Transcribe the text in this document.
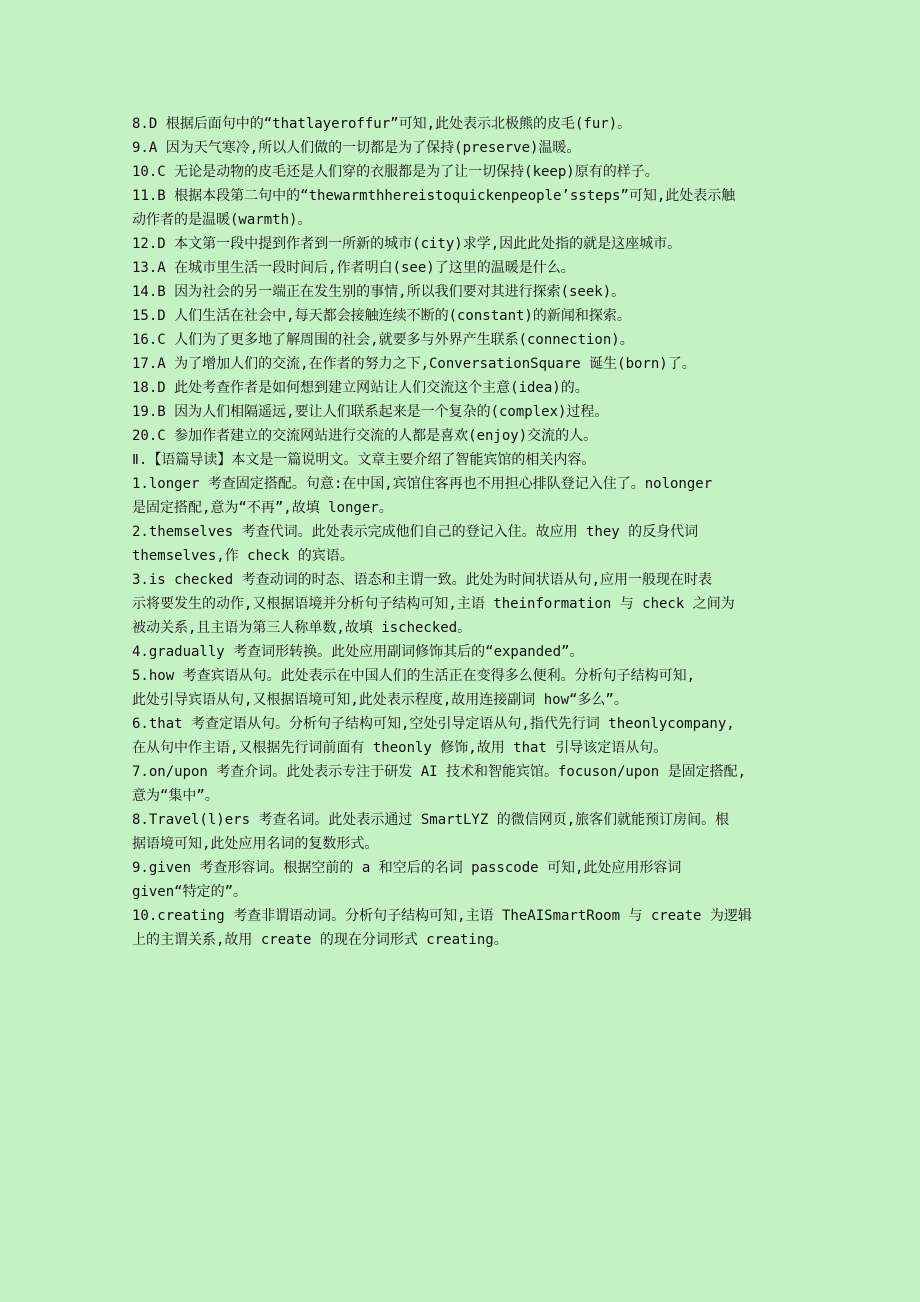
8.D 根据后面句中的“thatlayeroffur”可知,此处表示北极熊的皮毛(fur)。
9.A 因为天气寒冷,所以人们做的一切都是为了保持(preserve)温暖。
10.C 无论是动物的皮毛还是人们穿的衣服都是为了让一切保持(keep)原有的样子。
11.B 根据本段第二句中的“thewarmthhereistoquickenpeople’ssteps”可知,此处表示触
动作者的是温暖(warmth)。
12.D 本文第一段中提到作者到一所新的城市(city)求学,因此此处指的就是这座城市。
13.A 在城市里生活一段时间后,作者明白(see)了这里的温暖是什么。
14.B 因为社会的另一端正在发生别的事情,所以我们要对其进行探索(seek)。
15.D 人们生活在社会中,每天都会接触连续不断的(constant)的新闻和探索。
16.C 人们为了更多地了解周围的社会,就要多与外界产生联系(connection)。
17.A 为了增加人们的交流,在作者的努力之下,ConversationSquare 诞生(born)了。
18.D 此处考查作者是如何想到建立网站让人们交流这个主意(idea)的。
19.B 因为人们相隔遥远,要让人们联系起来是一个复杂的(complex)过程。
20.C 参加作者建立的交流网站进行交流的人都是喜欢(enjoy)交流的人。
Ⅱ.【语篇导读】本文是一篇说明文。文章主要介绍了智能宾馆的相关内容。
1.longer 考查固定搭配。句意:在中国,宾馆住客再也不用担心排队登记入住了。nolonger
是固定搭配,意为“不再”,故填 longer。
2.themselves 考查代词。此处表示完成他们自己的登记入住。故应用 they 的反身代词
themselves,作 check 的宾语。
3.is checked 考查动词的时态、语态和主谓一致。此处为时间状语从句,应用一般现在时表
示将要发生的动作,又根据语境并分析句子结构可知,主语 theinformation 与 check 之间为
被动关系,且主语为第三人称单数,故填 ischecked。
4.gradually 考查词形转换。此处应用副词修饰其后的“expanded”。
5.how 考查宾语从句。此处表示在中国人们的生活正在变得多么便利。分析句子结构可知,
此处引导宾语从句,又根据语境可知,此处表示程度,故用连接副词 how“多么”。
6.that 考查定语从句。分析句子结构可知,空处引导定语从句,指代先行词 theonlycompany,
在从句中作主语,又根据先行词前面有 theonly 修饰,故用 that 引导该定语从句。
7.on/upon 考查介词。此处表示专注于研发 AI 技术和智能宾馆。focuson/upon 是固定搭配,
意为“集中”。
8.Travel(l)ers 考查名词。此处表示通过 SmartLYZ 的微信网页,旅客们就能预订房间。根
据语境可知,此处应用名词的复数形式。
9.given 考查形容词。根据空前的 a 和空后的名词 passcode 可知,此处应用形容词
given“特定的”。
10.creating 考查非谓语动词。分析句子结构可知,主语 TheAISmartRoom 与 create 为逻辑
上的主谓关系,故用 create 的现在分词形式 creating。
